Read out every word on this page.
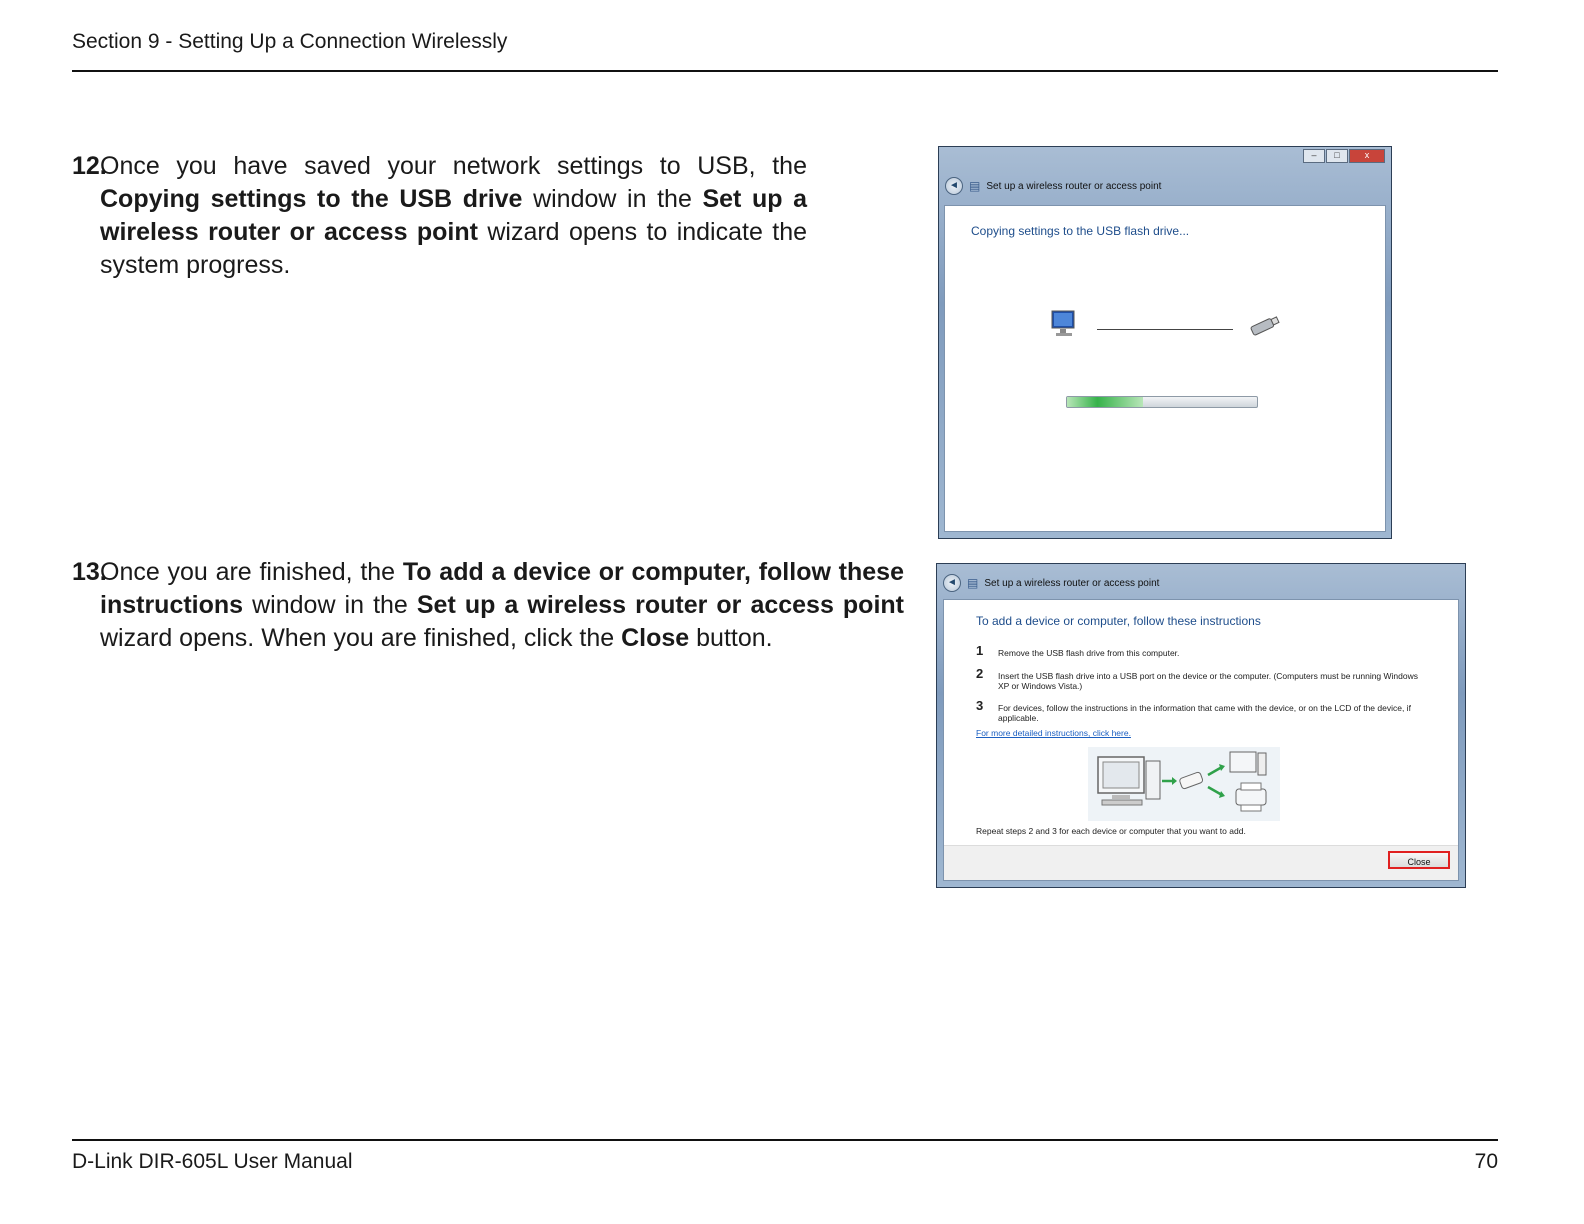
Section 9 - Setting Up a Connection Wirelessly
12.

Once you have saved your network settings to USB, the Copying settings to the USB drive window in the Set up a wireless router or access point wizard opens to indicate the system progress.

–	□	x
◄ ▤ Set up a wireless router or access point
Copying settings to the USB flash drive...
13.

Once you are finished, the To add a device or computer, follow these instructions window in the Set up a wireless router or access point wizard opens. When you are finished, click the Close button.

◄ ▤ Set up a wireless router or access point
To add a device or computer, follow these instructions
1	Remove the USB flash drive from this computer.
2	Insert the USB flash drive into a USB port on the device or the computer. (Computers must be running Windows XP or Windows Vista.)
3	For devices, follow the instructions in the information that came with the device, or on the LCD of the device, if applicable.
For more detailed instructions, click here.
Repeat steps 2 and 3 for each device or computer that you want to add.
Close
D-Link DIR-605L User Manual	70
